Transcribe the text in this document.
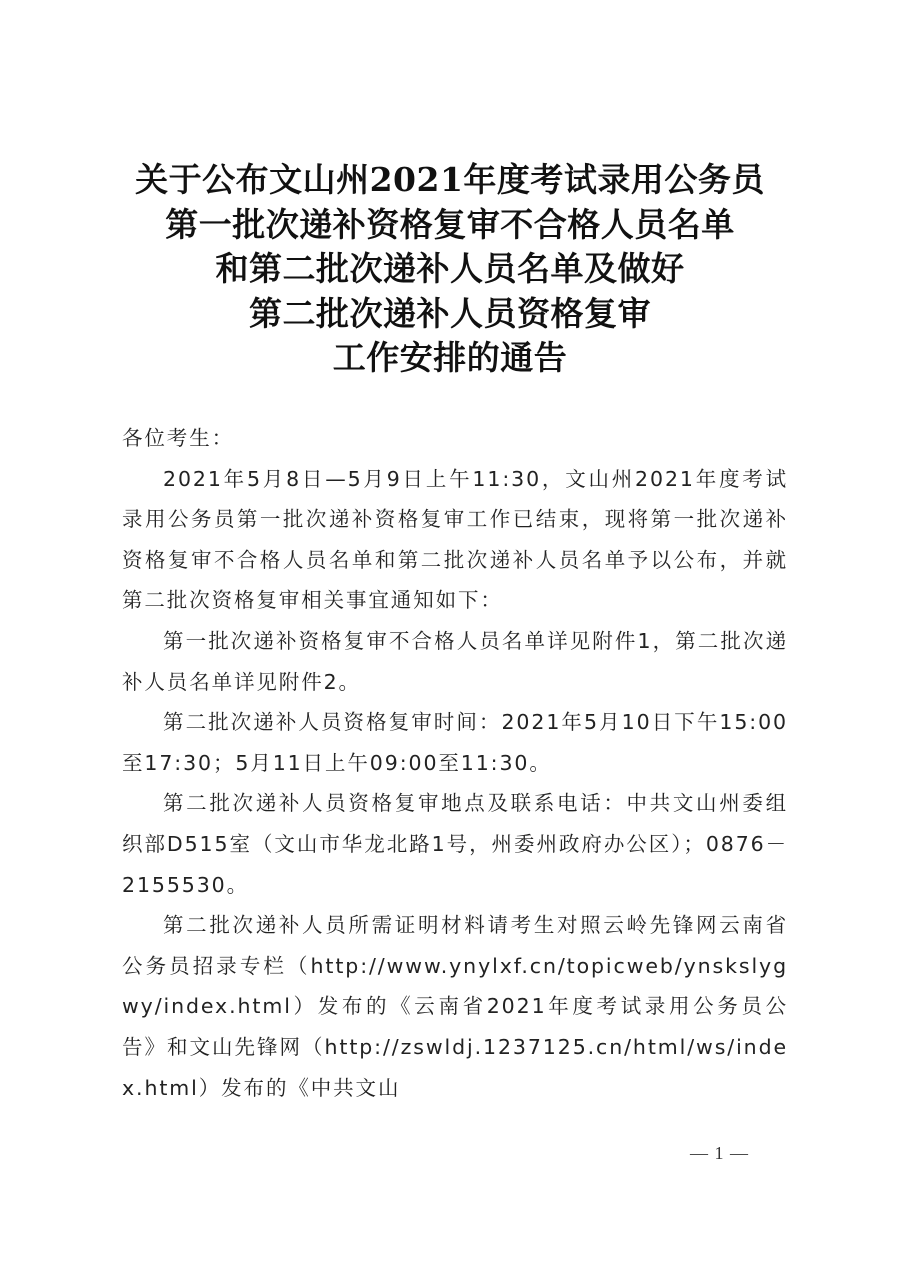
关于公布文山州2021年度考试录用公务员
第一批次递补资格复审不合格人员名单
和第二批次递补人员名单及做好
第二批次递补人员资格复审
工作安排的通告

各位考生：

2021年5月8日—5月9日上午11:30，文山州2021年度考试录用公务员第一批次递补资格复审工作已结束，现将第一批次递补资格复审不合格人员名单和第二批次递补人员名单予以公布，并就第二批次资格复审相关事宜通知如下：

第一批次递补资格复审不合格人员名单详见附件1，第二批次递补人员名单详见附件2。

第二批次递补人员资格复审时间：2021年5月10日下午15:00至17:30；5月11日上午09:00至11:30。

第二批次递补人员资格复审地点及联系电话：中共文山州委组织部D515室（文山市华龙北路1号，州委州政府办公区）；0876－2155530。

第二批次递补人员所需证明材料请考生对照云岭先锋网云南省公务员招录专栏（http://www.ynylxf.cn/topicweb/ynskslygwy/index.html）发布的《云南省2021年度考试录用公务员公告》和文山先锋网（http://zswldj.1237125.cn/html/ws/index.html）发布的《中共文山

— 1 —
